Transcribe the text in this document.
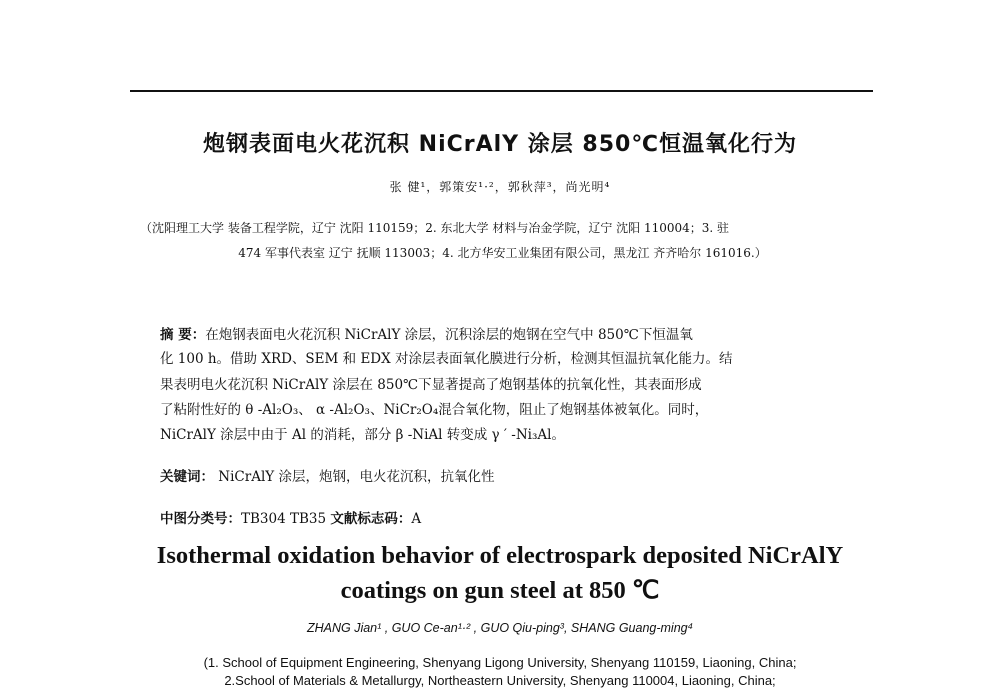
炮钢表面电火花沉积 NiCrAlY 涂层 850℃恒温氧化行为
张 健¹，郭策安¹·²，郭秋萍³，尚光明⁴
（沈阳理工大学 装备工程学院，辽宁 沈阳 110159；2. 东北大学 材料与冶金学院，辽宁 沈阳 110004；3. 驻
474 军事代表室 辽宁 抚顺 113003；4. 北方华安工业集团有限公司，黑龙江 齐齐哈尔 161016.）
摘 要：在炮钢表面电火花沉积 NiCrAlY 涂层，沉积涂层的炮钢在空气中 850℃下恒温氧
化 100 h。借助 XRD、SEM 和 EDX 对涂层表面氧化膜进行分析，检测其恒温抗氧化能力。结
果表明电火花沉积 NiCrAlY 涂层在 850℃下显著提高了炮钢基体的抗氧化性，其表面形成
了粘附性好的 θ -Al₂O₃、 α -Al₂O₃、NiCr₂O₄混合氧化物，阻止了炮钢基体被氧化。同时，
NiCrAlY 涂层中由于 Al 的消耗，部分 β -NiAl 转变成 γ ′ -Ni₃Al。
关键词： NiCrAlY 涂层，炮钢，电火花沉积，抗氧化性
中图分类号：TB304 TB35 文献标志码：A
Isothermal oxidation behavior of electrospark deposited NiCrAlY
coatings on gun steel at 850 ℃
ZHANG Jian¹ , GUO Ce-an¹·² , GUO Qiu-ping³, SHANG Guang-ming⁴
(1. School of Equipment Engineering, Shenyang Ligong University, Shenyang 110159, Liaoning, China;
2.School of Materials & Metallurgy, Northeastern University, Shenyang 110004, Liaoning, China;
